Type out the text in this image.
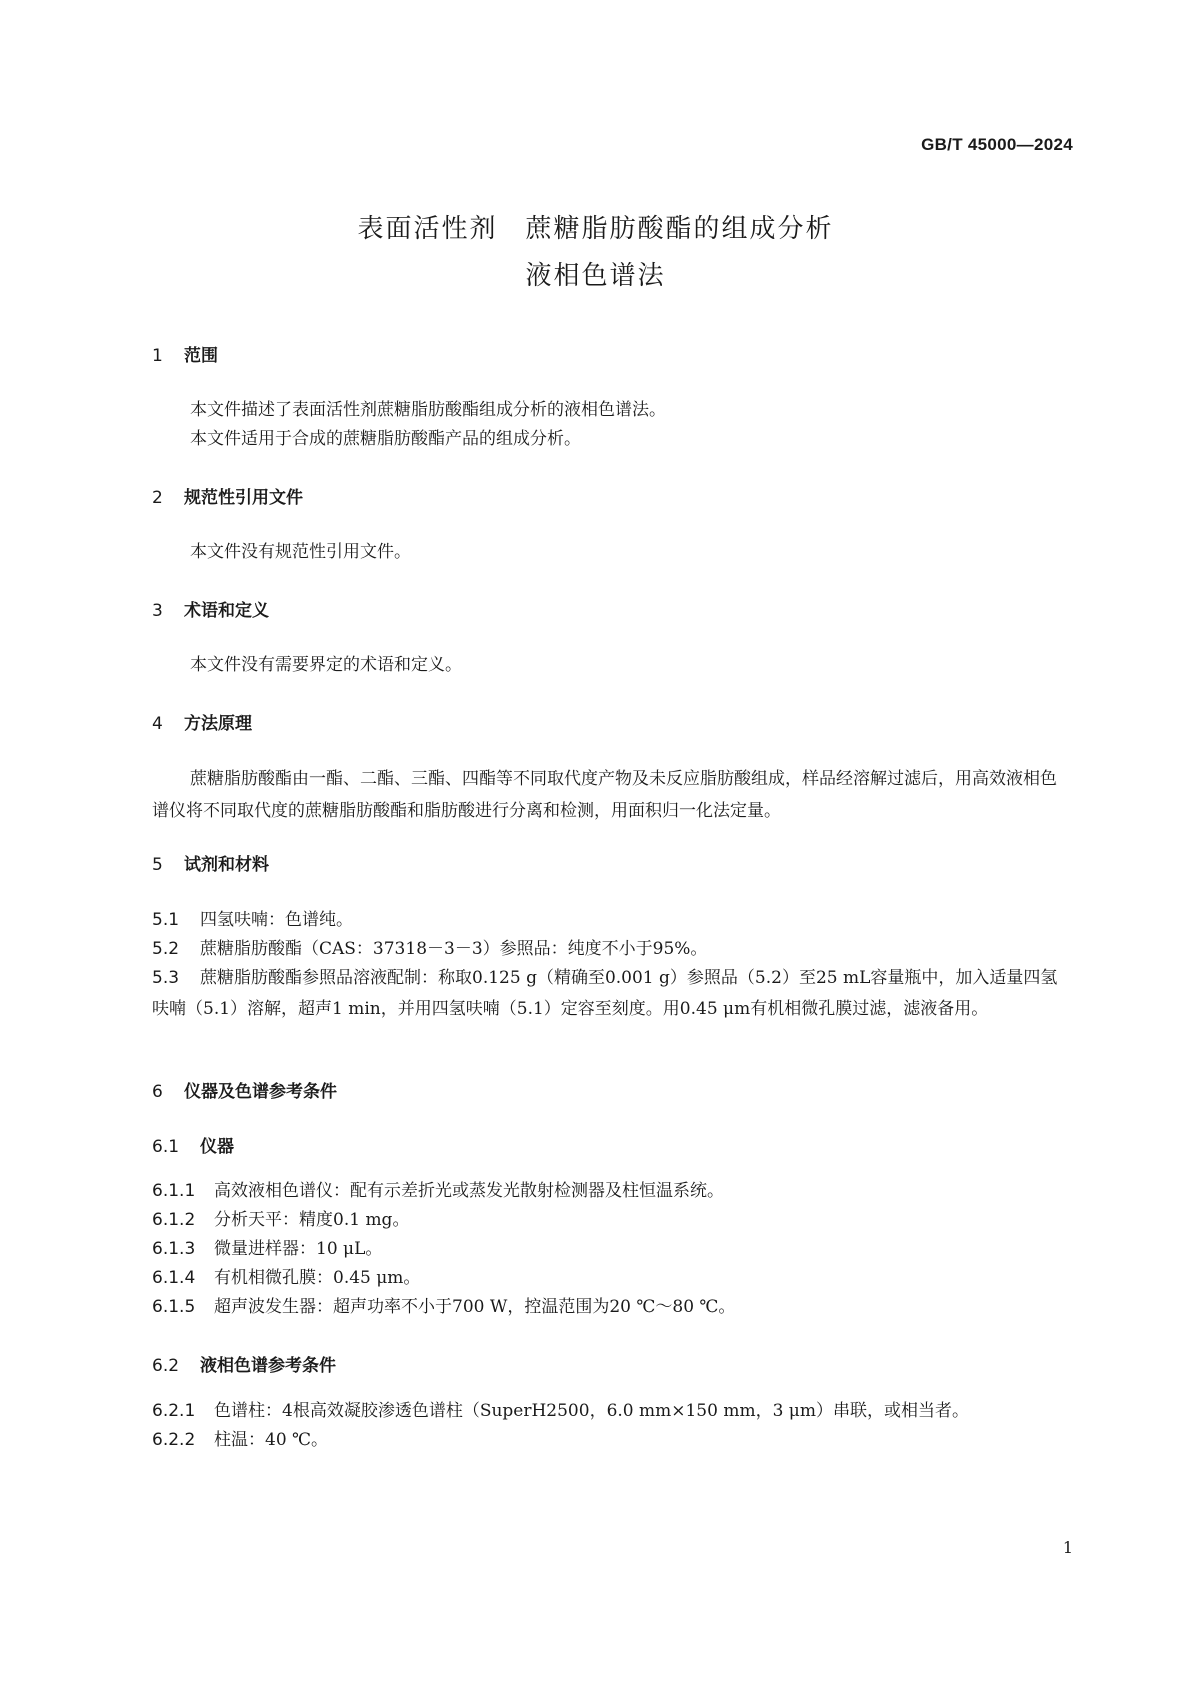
GB/T 45000—2024
表面活性剂　蔗糖脂肪酸酯的组成分析
液相色谱法
1 范围
本文件描述了表面活性剂蔗糖脂肪酸酯组成分析的液相色谱法。
本文件适用于合成的蔗糖脂肪酸酯产品的组成分析。
2 规范性引用文件
本文件没有规范性引用文件。
3 术语和定义
本文件没有需要界定的术语和定义。
4 方法原理
蔗糖脂肪酸酯由一酯、二酯、三酯、四酯等不同取代度产物及未反应脂肪酸组成，样品经溶解过滤后，用高效液相色谱仪将不同取代度的蔗糖脂肪酸酯和脂肪酸进行分离和检测，用面积归一化法定量。
5 试剂和材料
5.1 四氢呋喃：色谱纯。
5.2 蔗糖脂肪酸酯（CAS：37318－3－3）参照品：纯度不小于95%。
5.3 蔗糖脂肪酸酯参照品溶液配制：称取0.125 g（精确至0.001 g）参照品（5.2）至25 mL容量瓶中，加入适量四氢呋喃（5.1）溶解，超声1 min，并用四氢呋喃（5.1）定容至刻度。用0.45 μm有机相微孔膜过滤，滤液备用。
6 仪器及色谱参考条件
6.1 仪器
6.1.1 高效液相色谱仪：配有示差折光或蒸发光散射检测器及柱恒温系统。
6.1.2 分析天平：精度0.1 mg。
6.1.3 微量进样器：10 μL。
6.1.4 有机相微孔膜：0.45 μm。
6.1.5 超声波发生器：超声功率不小于700 W，控温范围为20 ℃～80 ℃。
6.2 液相色谱参考条件
6.2.1 色谱柱：4根高效凝胶渗透色谱柱（SuperH2500，6.0 mm×150 mm，3 μm）串联，或相当者。
6.2.2 柱温：40 ℃。
1
